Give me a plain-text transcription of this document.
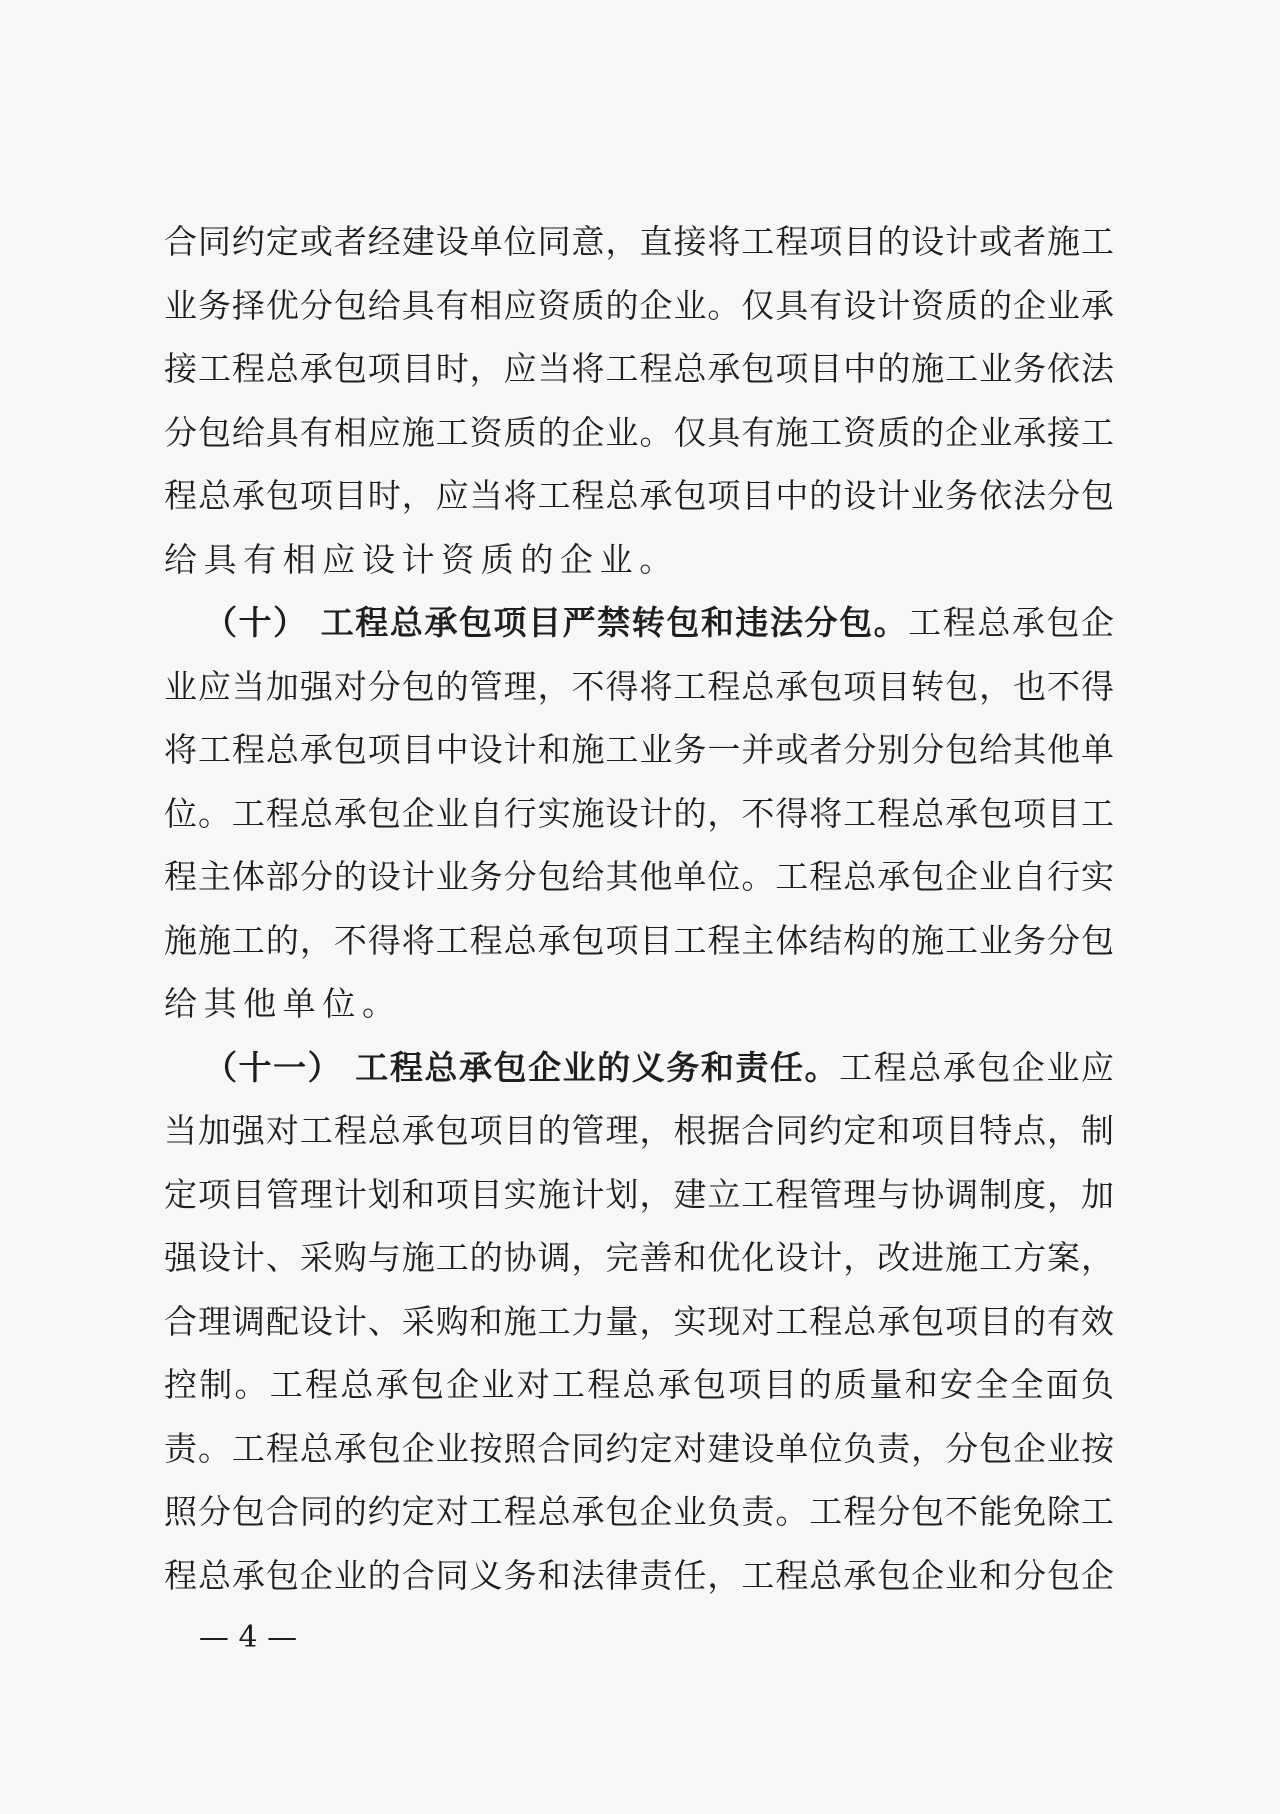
合同约定或者经建设单位同意，直接将工程项目的设计或者施工
业务择优分包给具有相应资质的企业。仅具有设计资质的企业承
接工程总承包项目时，应当将工程总承包项目中的施工业务依法
分包给具有相应施工资质的企业。仅具有施工资质的企业承接工
程总承包项目时，应当将工程总承包项目中的设计业务依法分包
给具有相应设计资质的企业。
（十） 工程总承包项目严禁转包和违法分包。工程总承包企
业应当加强对分包的管理，不得将工程总承包项目转包，也不得
将工程总承包项目中设计和施工业务一并或者分别分包给其他单
位。工程总承包企业自行实施设计的，不得将工程总承包项目工
程主体部分的设计业务分包给其他单位。工程总承包企业自行实
施施工的，不得将工程总承包项目工程主体结构的施工业务分包
给其他单位。
（十一） 工程总承包企业的义务和责任。工程总承包企业应
当加强对工程总承包项目的管理，根据合同约定和项目特点，制
定项目管理计划和项目实施计划，建立工程管理与协调制度，加
强设计、采购与施工的协调，完善和优化设计，改进施工方案，
合理调配设计、采购和施工力量，实现对工程总承包项目的有效
控制。工程总承包企业对工程总承包项目的质量和安全全面负
责。工程总承包企业按照合同约定对建设单位负责，分包企业按
照分包合同的约定对工程总承包企业负责。工程分包不能免除工
程总承包企业的合同义务和法律责任，工程总承包企业和分包企
— 4 —
